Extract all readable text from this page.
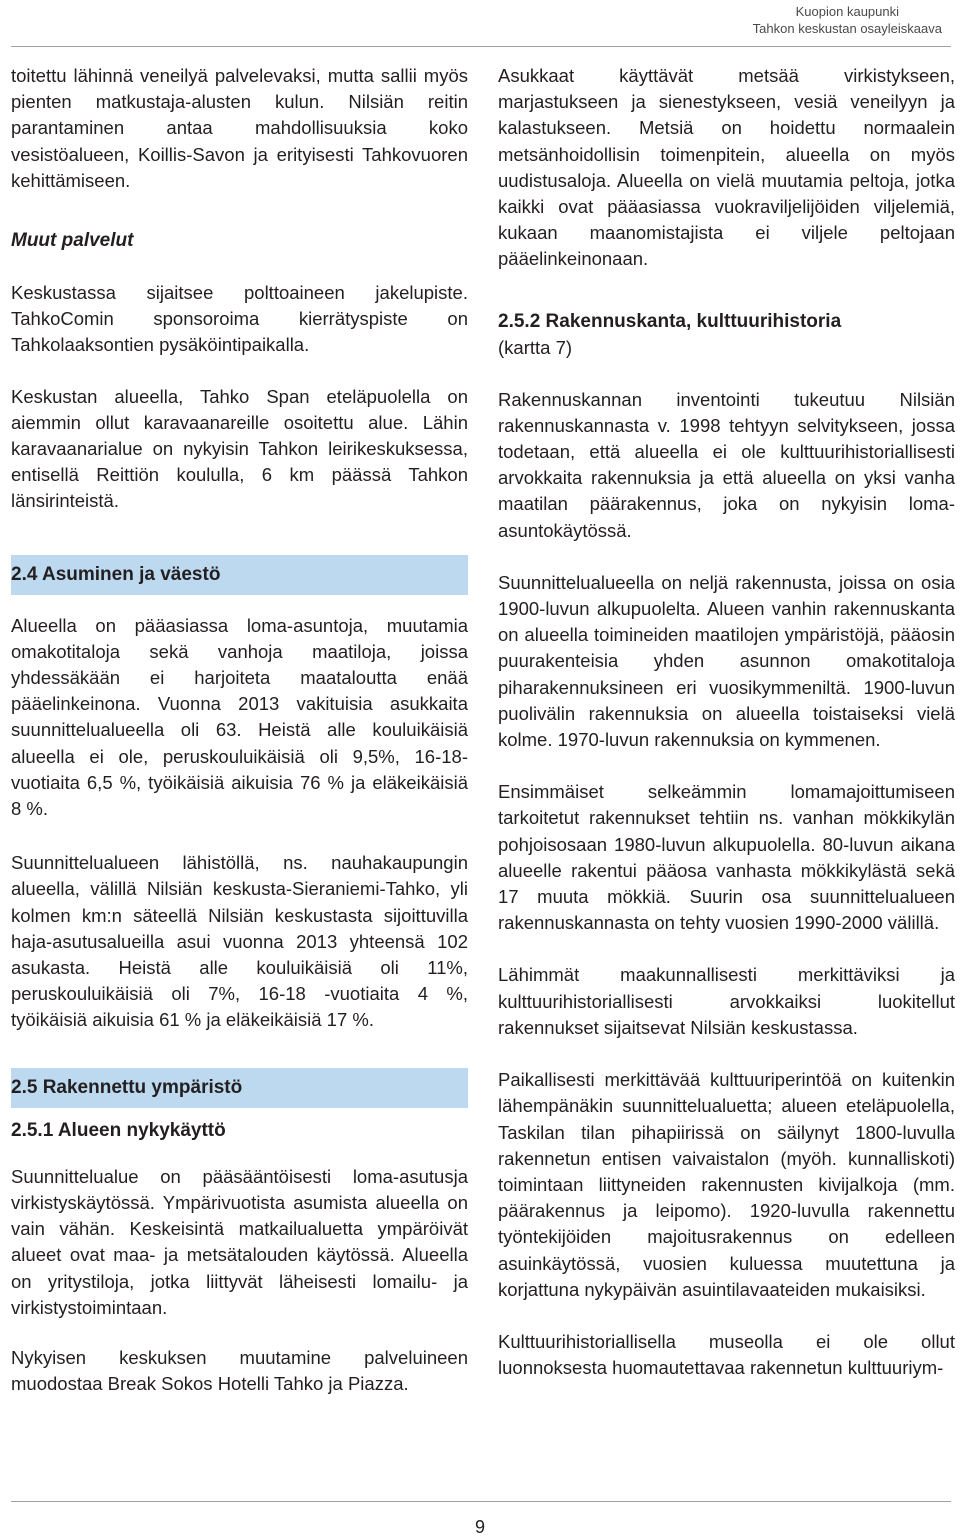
Kuopion kaupunki
Tahkon keskustan osayleiskaava

toitettu lähinnä veneilyä palvelevaksi, mutta sallii myös pienten matkustaja-alusten kulun. Nilsiän reitin parantaminen antaa mahdollisuuksia koko vesistöalueen, Koillis-Savon ja erityisesti Tahkovuoren kehittämiseen.

Muut palvelut

Keskustassa sijaitsee polttoaineen jakelupiste. TahkoComin sponsoroima kierrätyspiste on Tahkolaaksontien pysäköintipaikalla.

Keskustan alueella, Tahko Span eteläpuolella on aiemmin ollut karavaanareille osoitettu alue. Lähin karavaanarialue on nykyisin Tahkon leirikeskuksessa, entisellä Reittiön koululla, 6 km päässä Tahkon länsirinteistä.

2.4 Asuminen ja väestö

Alueella on pääasiassa loma-asuntoja, muutamia omakotitaloja sekä vanhoja maatiloja, joissa yhdessäkään ei harjoiteta maataloutta enää pääelinkeinona. Vuonna 2013 vakituisia asukkaita suunnittelualueella oli 63. Heistä alle kouluikäisiä alueella ei ole, peruskouluikäisiä oli 9,5%, 16-18-vuotiaita 6,5 %, työikäisiä aikuisia 76 % ja eläkeikäisiä 8 %.

Suunnittelualueen lähistöllä, ns. nauhakaupungin alueella, välillä Nilsiän keskusta-Sieraniemi-Tahko, yli kolmen km:n säteellä Nilsiän keskustasta sijoittuvilla haja-asutusalueilla asui vuonna 2013 yhteensä 102 asukasta. Heistä alle kouluikäisiä oli 11%, peruskouluikäisiä oli 7%, 16-18 -vuotiaita 4 %, työikäisiä aikuisia 61 % ja eläkeikäisiä 17 %.

2.5 Rakennettu ympäristö
2.5.1 Alueen nykykäyttö

Suunnittelualue on pääsääntöisesti loma-asutusja virkistyskäytössä. Ympärivuotista asumista alueella on vain vähän. Keskeisintä matkailualuetta ympäröivät alueet ovat maa- ja metsätalouden käytössä. Alueella on yritystiloja, jotka liittyvät läheisesti lomailu- ja virkistystoimintaan.

Nykyisen keskuksen muutamine palveluineen muodostaa Break Sokos Hotelli Tahko ja Piazza.

Asukkaat käyttävät metsää virkistykseen, marjastukseen ja sienestykseen, vesiä veneilyyn ja kalastukseen. Metsiä on hoidettu normaalein metsänhoidollisin toimenpitein, alueella on myös uudistusaloja. Alueella on vielä muutamia peltoja, jotka kaikki ovat pääasiassa vuokraviljelijöiden viljelemiä, kukaan maanomistajista ei viljele peltojaan pääelinkeinonaan.

2.5.2 Rakennuskanta, kulttuurihistoria
(kartta 7)

Rakennuskannan inventointi tukeutuu Nilsiän rakennuskannasta v. 1998 tehtyyn selvitykseen, jossa todetaan, että alueella ei ole kulttuurihistoriallisesti arvokkaita rakennuksia ja että alueella on yksi vanha maatilan päärakennus, joka on nykyisin loma-asuntokäytössä.

Suunnittelualueella on neljä rakennusta, joissa on osia 1900-luvun alkupuolelta. Alueen vanhin rakennuskanta on alueella toimineiden maatilojen ympäristöjä, pääosin puurakenteisia yhden asunnon omakotitaloja piharakennuksineen eri vuosikymmeniltä. 1900-luvun puolivälin rakennuksia on alueella toistaiseksi vielä kolme. 1970-luvun rakennuksia on kymmenen.

Ensimmäiset selkeämmin lomamajoittumiseen tarkoitetut rakennukset tehtiin ns. vanhan mökkikylän pohjoisosaan 1980-luvun alkupuolella. 80-luvun aikana alueelle rakentui pääosa vanhasta mökkikylästä sekä 17 muuta mökkiä. Suurin osa suunnittelualueen rakennuskannasta on tehty vuosien 1990-2000 välillä.

Lähimmät maakunnallisesti merkittäviksi ja kulttuurihistoriallisesti arvokkaiksi luokitellut rakennukset sijaitsevat Nilsiän keskustassa.

Paikallisesti merkittävää kulttuuriperintöä on kuitenkin lähempänäkin suunnittelualuetta; alueen eteläpuolella, Taskilan tilan pihapiirissä on säilynyt 1800-luvulla rakennetun entisen vaivaistalon (myöh. kunnalliskoti) toimintaan liittyneiden rakennusten kivijalkoja (mm. päärakennus ja leipomo). 1920-luvulla rakennettu työntekijöiden majoitusrakennus on edelleen asuinkäytössä, vuosien kuluessa muutettuna ja korjattuna nykypäivän asuintilavaateiden mukaisiksi.

Kulttuurihistoriallisella museolla ei ole ollut luonnoksesta huomautettavaa rakennetun kulttuuriym-

9
